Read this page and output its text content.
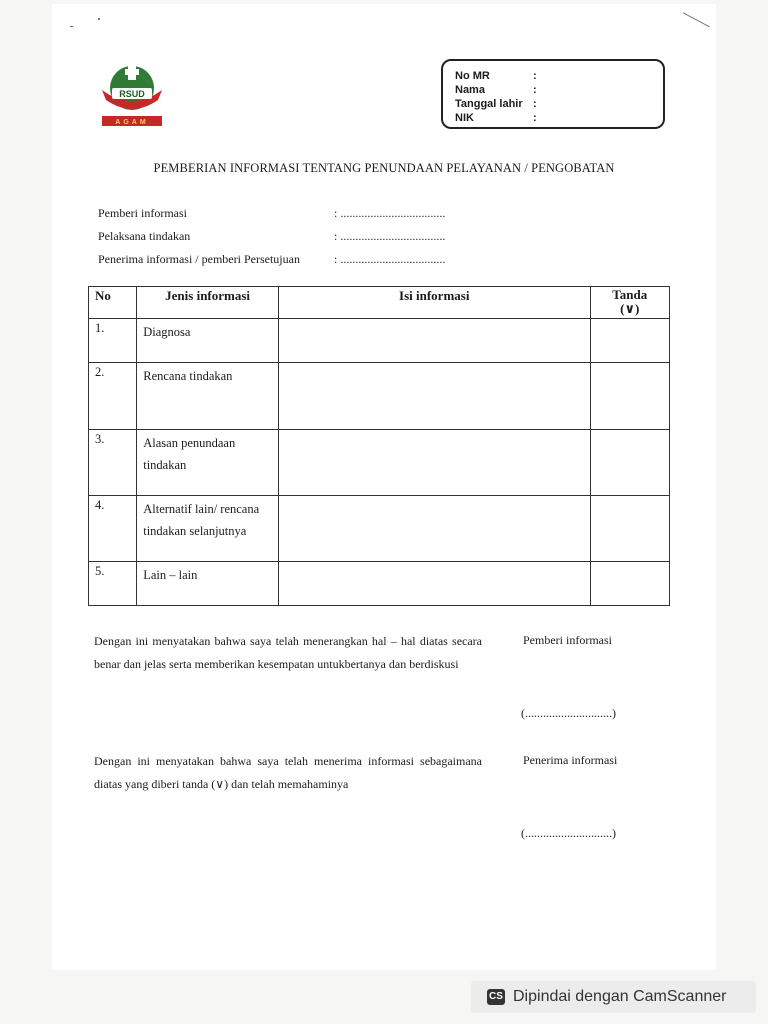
RSUD
AGAM
No MR	:
Nama	:
Tanggal lahir :
NIK	:
PEMBERIAN INFORMASI TENTANG PENUNDAAN PELAYANAN / PENGOBATAN
Pemberi informasi	: ...................................
Pelaksana tindakan	: ...................................
Penerima informasi / pemberi Persetujuan	: ...................................
No	Jenis informasi	Isi informasi	Tanda
(∨)
1.	Diagnosa		

2.	Rencana tindakan		

3.	Alasan penundaan tindakan		

4.	Alternatif lain/ rencana tindakan selanjutnya		

5.	Lain – lain		

Dengan ini menyatakan bahwa saya telah menerangkan hal – hal diatas secara benar dan jelas serta memberikan kesempatan untukbertanya dan berdiskusi
Pemberi informasi
(.............................)
Dengan ini menyatakan bahwa saya telah menerima informasi sebagaimana diatas yang diberi tanda (∨) dan telah memahaminya
Penerima informasi
(.............................)
CS Dipindai dengan CamScanner
